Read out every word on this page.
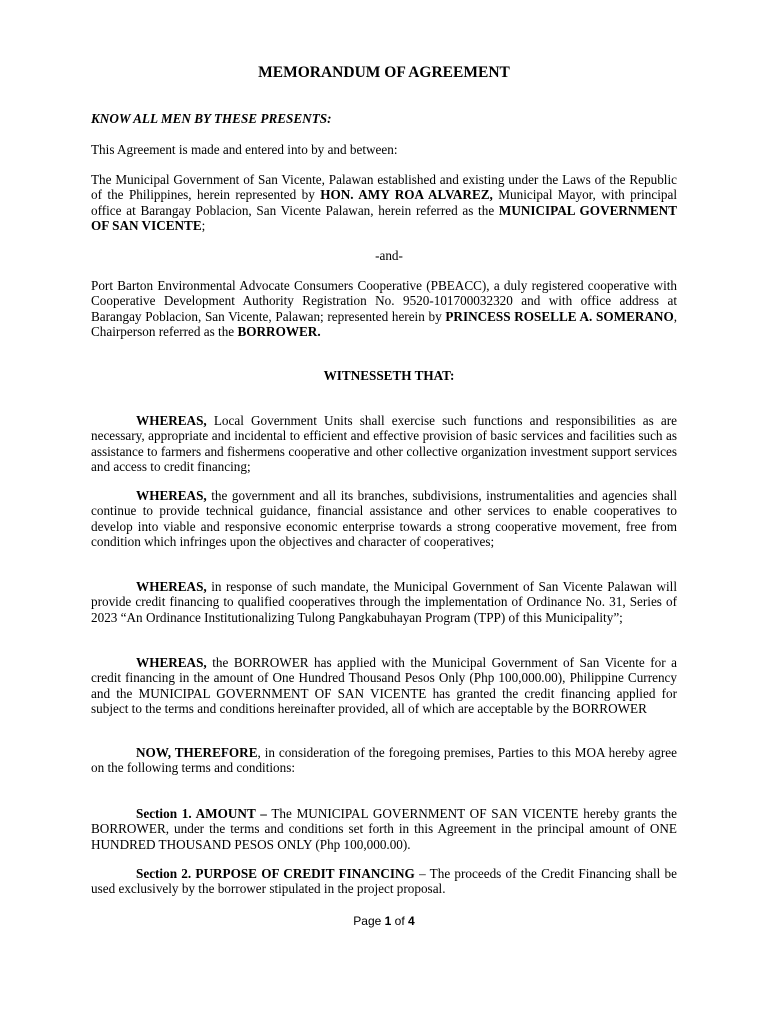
MEMORANDUM OF AGREEMENT

KNOW ALL MEN BY THESE PRESENTS:

This Agreement is made and entered into by and between:

The Municipal Government of San Vicente, Palawan established and existing under the Laws of the Republic of the Philippines, herein represented by HON. AMY ROA ALVAREZ, Municipal Mayor, with principal office at Barangay Poblacion, San Vicente Palawan, herein referred as the MUNICIPAL GOVERNMENT OF SAN VICENTE;

-and-

Port Barton Environmental Advocate Consumers Cooperative (PBEACC), a duly registered cooperative with Cooperative Development Authority Registration No. 9520-101700032320 and with office address at Barangay Poblacion, San Vicente, Palawan; represented herein by PRINCESS ROSELLE A. SOMERANO, Chairperson referred as the BORROWER.

WITNESSETH THAT:

WHEREAS, Local Government Units shall exercise such functions and responsibilities as are necessary, appropriate and incidental to efficient and effective provision of basic services and facilities such as assistance to farmers and fishermens cooperative and other collective organization investment support services and access to credit financing;

WHEREAS, the government and all its branches, subdivisions, instrumentalities and agencies shall continue to provide technical guidance, financial assistance and other services to enable cooperatives to develop into viable and responsive economic enterprise towards a strong cooperative movement, free from condition which infringes upon the objectives and character of cooperatives;

WHEREAS, in response of such mandate, the Municipal Government of San Vicente Palawan will provide credit financing to qualified cooperatives through the implementation of Ordinance No. 31, Series of 2023 “An Ordinance Institutionalizing Tulong Pangkabuhayan Program (TPP) of this Municipality”;

WHEREAS, the BORROWER has applied with the Municipal Government of San Vicente for a credit financing in the amount of One Hundred Thousand Pesos Only (Php 100,000.00), Philippine Currency and the MUNICIPAL GOVERNMENT OF SAN VICENTE has granted the credit financing applied for subject to the terms and conditions hereinafter provided, all of which are acceptable by the BORROWER

NOW, THEREFORE, in consideration of the foregoing premises, Parties to this MOA hereby agree on the following terms and conditions:

Section 1. AMOUNT – The MUNICIPAL GOVERNMENT OF SAN VICENTE hereby grants the BORROWER, under the terms and conditions set forth in this Agreement in the principal amount of ONE HUNDRED THOUSAND PESOS ONLY (Php 100,000.00).

Section 2. PURPOSE OF CREDIT FINANCING – The proceeds of the Credit Financing shall be used exclusively by the borrower stipulated in the project proposal.

Page 1 of 4
